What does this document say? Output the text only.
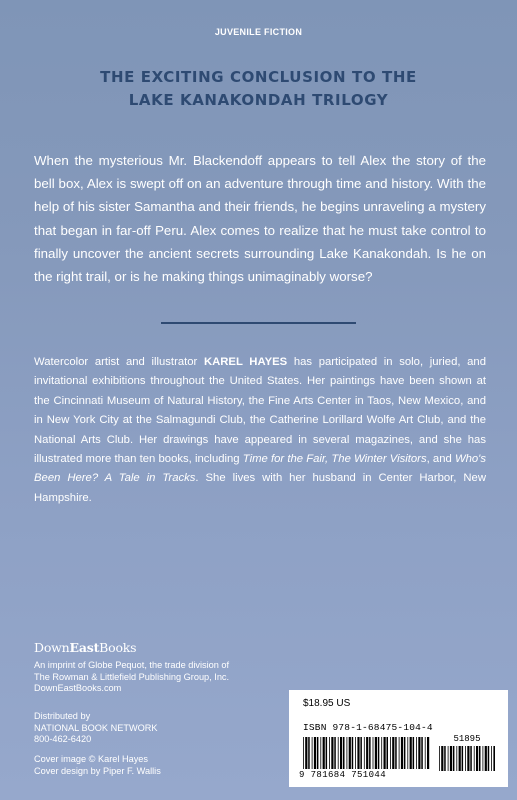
JUVENILE FICTION
THE EXCITING CONCLUSION TO THE
LAKE KANAKONDAH TRILOGY

When the mysterious Mr. Blackendoff appears to tell Alex the story of the bell box, Alex is swept off on an adventure through time and history. With the help of his sister Samantha and their friends, he begins unraveling a mystery that began in far-off Peru. Alex comes to realize that he must take control to finally uncover the ancient secrets surrounding Lake Kanakondah. Is he on the right trail, or is he making things unimaginably worse?

Watercolor artist and illustrator KAREL HAYES has participated in solo, juried, and invitational exhibitions throughout the United States. Her paintings have been shown at the Cincinnati Museum of Natural History, the Fine Arts Center in Taos, New Mexico, and in New York City at the Salmagundi Club, the Catherine Lorillard Wolfe Art Club, and the National Arts Club. Her drawings have appeared in several magazines, and she has illustrated more than ten books, including Time for the Fair, The Winter Visitors, and Who's Been Here? A Tale in Tracks. She lives with her husband in Center Harbor, New Hampshire.

DownEastBooks
An imprint of Globe Pequot, the trade division of
The Rowman & Littlefield Publishing Group, Inc.
DownEastBooks.com
Distributed by
NATIONAL BOOK NETWORK
800-462-6420
Cover image © Karel Hayes
Cover design by Piper F. Wallis
$18.95 US
ISBN 978-1-68475-104-4
51895
9 781684 751044
